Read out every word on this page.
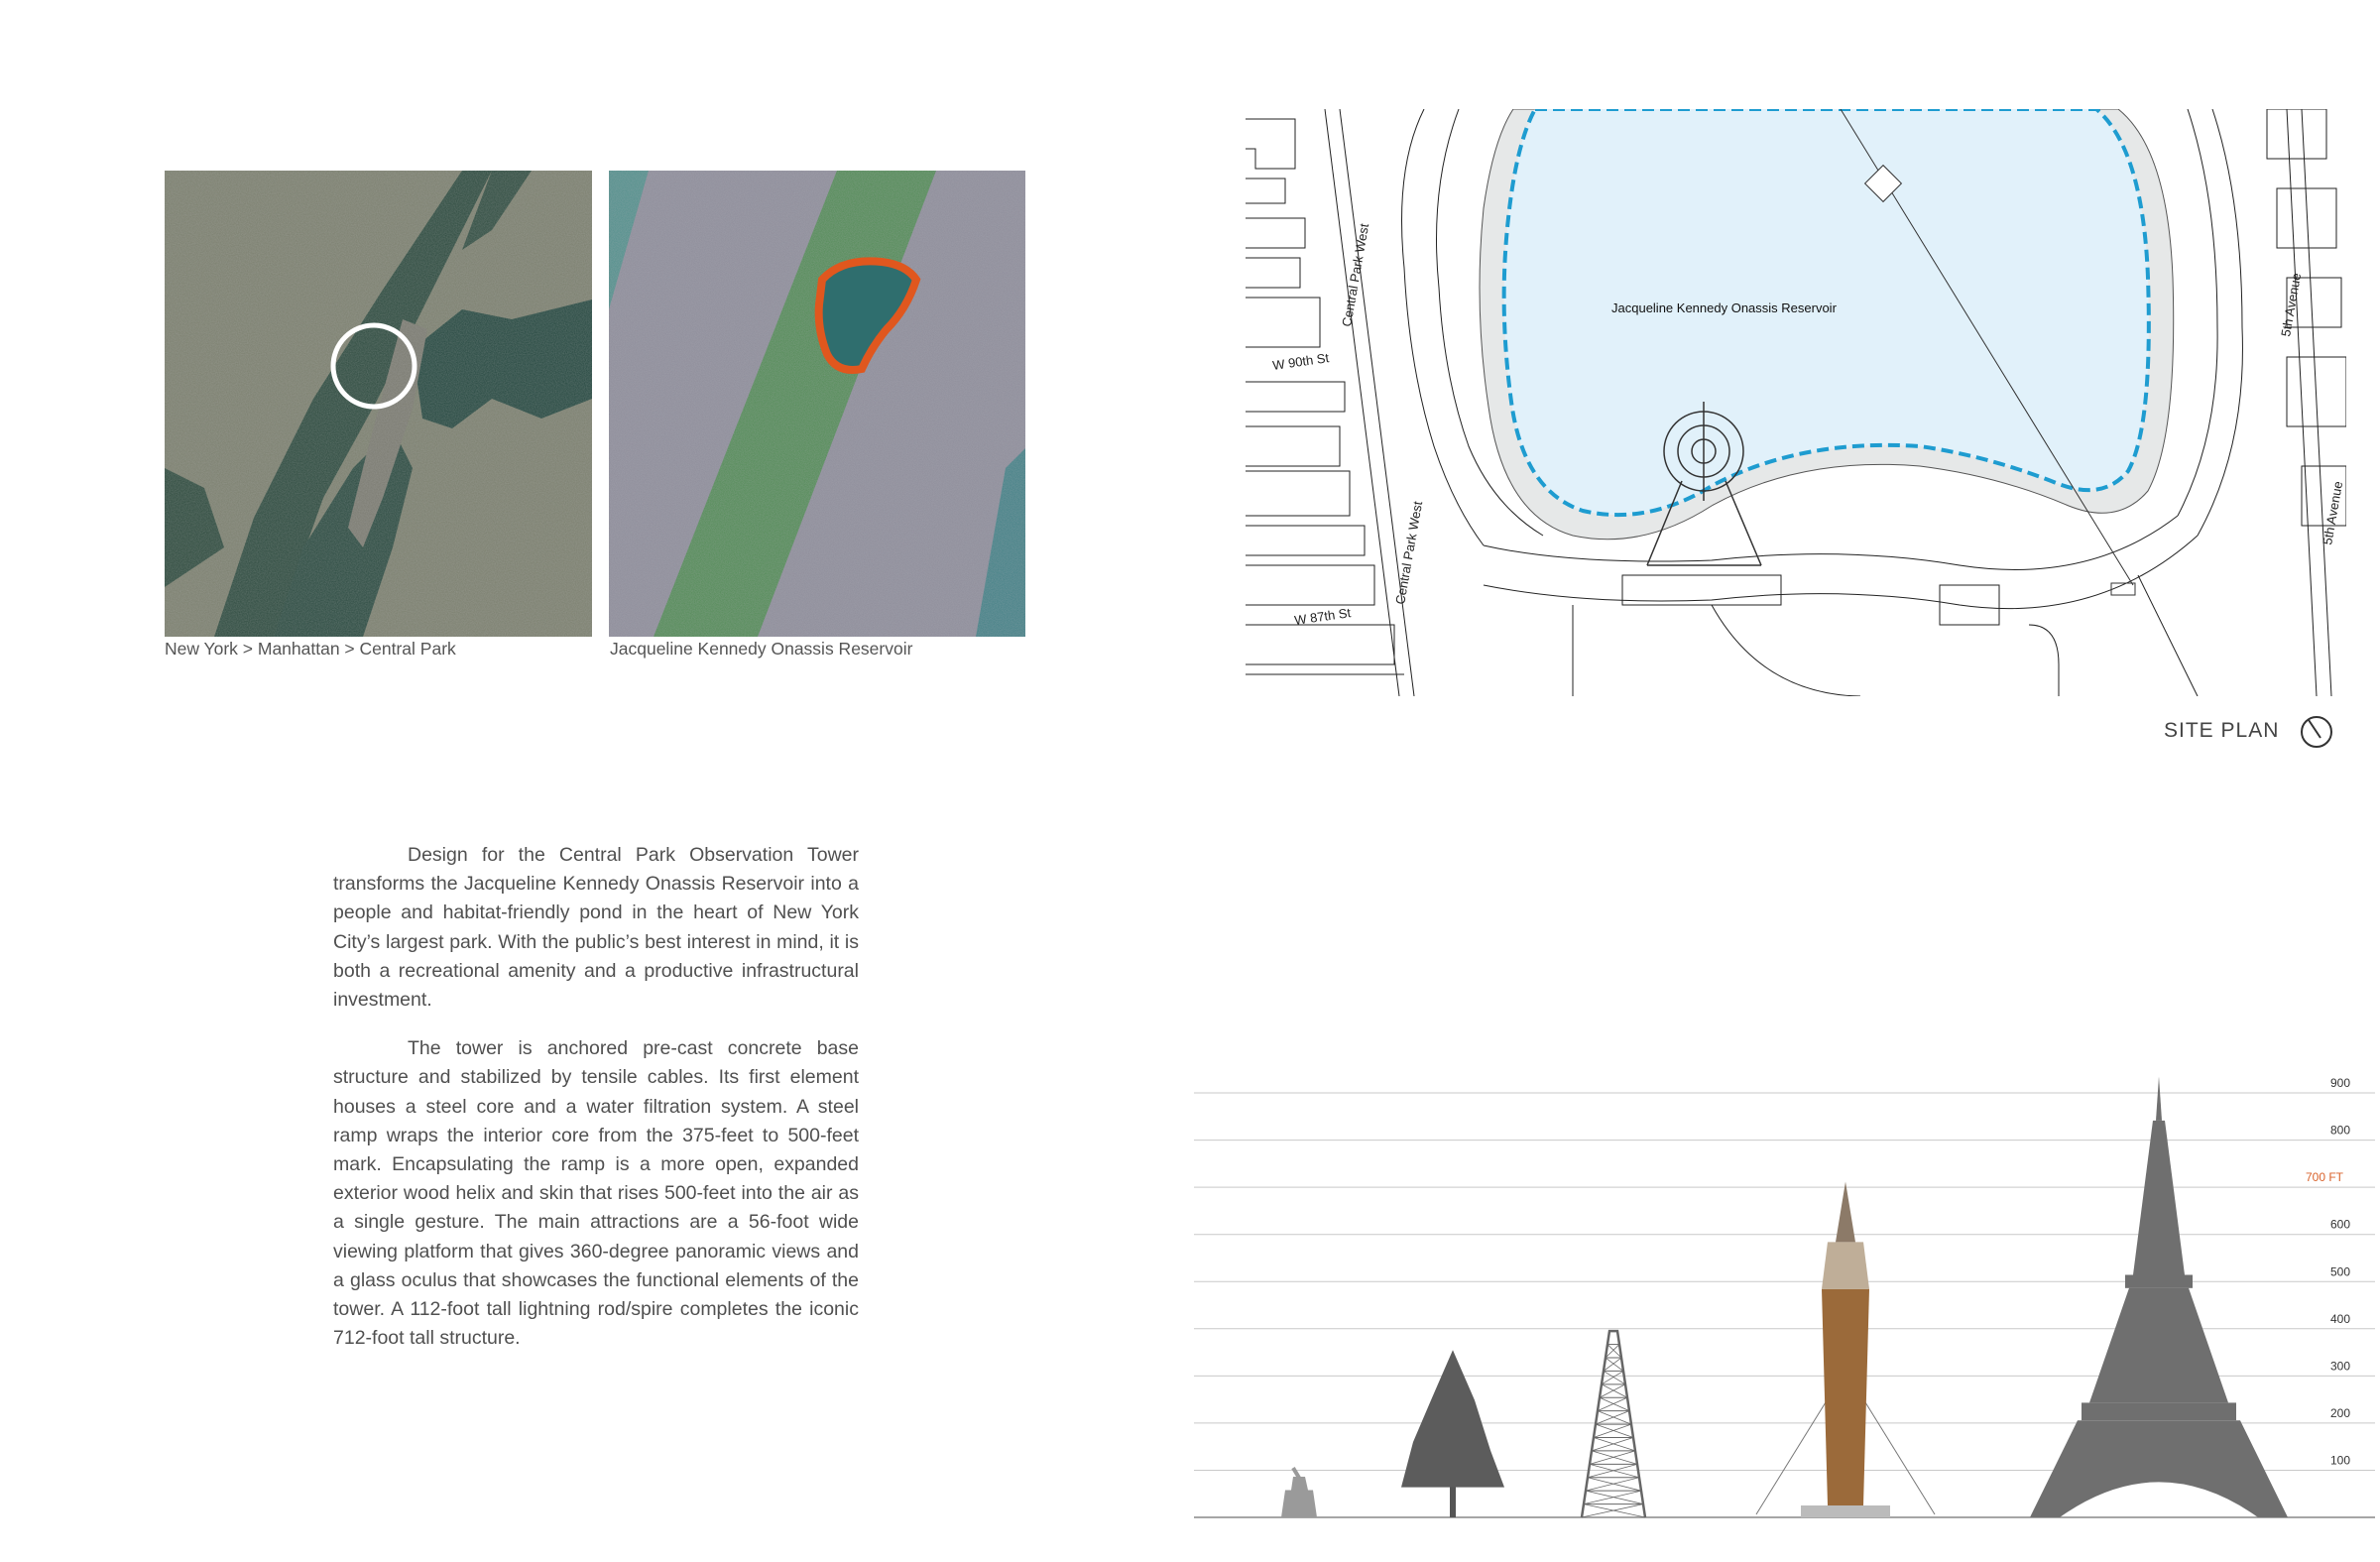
New York > Manhattan > Central Park	Jacqueline Kennedy Onassis Reservoir
Jacqueline Kennedy Onassis Reservoir
Central Park West
W 90th St
Central Park West
W 87th St
5th Avenue
5th Avenue
SITE PLAN

Design for the Central Park Observation Tower transforms the Jacqueline Kennedy Onassis Reservoir into a people and habitat-friendly pond in the heart of New York City’s largest park. With the public’s best interest in mind, it is both a recreational amenity and a productive infrastructural investment.

The tower is anchored pre-cast concrete base structure and stabilized by tensile cables. Its first element houses a steel core and a water filtration system. A steel ramp wraps the interior core from the 375-feet to 500-feet mark. Encapsulating the ramp is a more open, expanded exterior wood helix and skin that rises 500-feet into the air as a single gesture. The main attractions are a 56-foot wide viewing platform that gives 360-degree panoramic views and a glass oculus that showcases the functional elements of the tower. A 112-foot tall lightning rod/spire completes the iconic 712-foot tall structure.

100
200
300
400
500
600
700 FT
800
900
